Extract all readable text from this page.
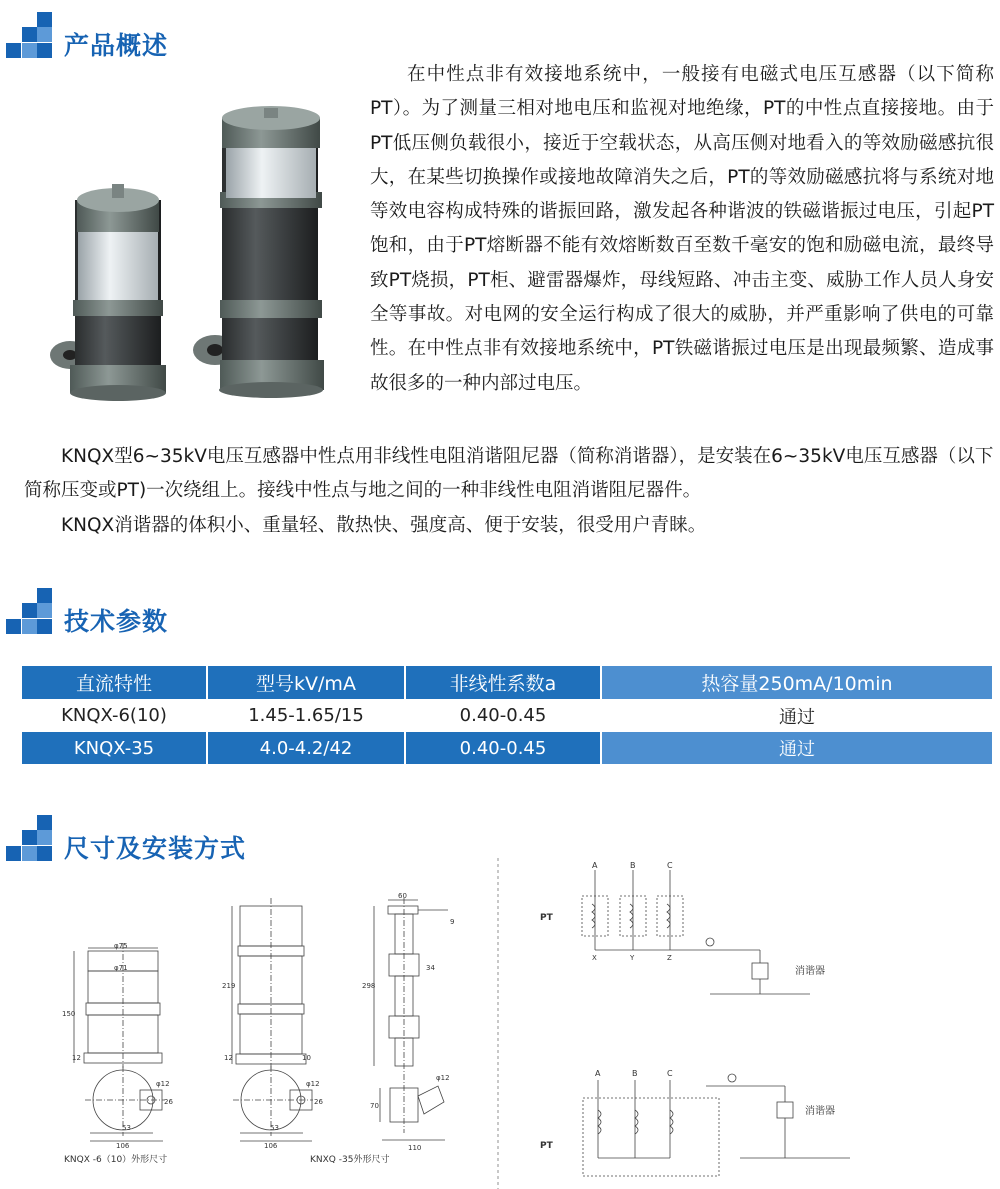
产品概述

在中性点非有效接地系统中，一般接有电磁式电压互感器（以下简称PT）。为了测量三相对地电压和监视对地绝缘，PT的中性点直接接地。由于PT低压侧负载很小，接近于空载状态，从高压侧对地看入的等效励磁感抗很大，在某些切换操作或接地故障消失之后，PT的等效励磁感抗将与系统对地等效电容构成特殊的谐振回路，激发起各种谐波的铁磁谐振过电压，引起PT饱和，由于PT熔断器不能有效熔断数百至数千毫安的饱和励磁电流，最终导致PT烧损，PT柜、避雷器爆炸，母线短路、冲击主变、威胁工作人员人身安全等事故。对电网的安全运行构成了很大的威胁，并严重影响了供电的可靠性。在中性点非有效接地系统中，PT铁磁谐振过电压是出现最频繁、造成事故很多的一种内部过电压。

KNQX型6~35kV电压互感器中性点用非线性电阻消谐阻尼器（简称消谐器），是安装在6~35kV电压互感器（以下简称压变或PT)一次绕组上。接线中性点与地之间的一种非线性电阻消谐阻尼器件。
KNQX消谐器的体积小、重量轻、散热快、强度高、便于安装，很受用户青睐。
技术参数
直流特性	型号kV/mA	非线性系数a	热容量250mA/10min
KNQX-6(10)	1.45-1.65/15	0.40-0.45	通过
KNQX-35	4.0-4.2/42	0.40-0.45	通过
尺寸及安装方式
KNQX -6（10）外形尺寸	KNXQ -35外形尺寸
φ75
φ71
150
12
φ12
26
53
106
219
12
φ12
26
53
106
10
60
9
34
298
70
φ12
110
A	B	C
X	Y	Z
PT
消谐器
A	B	C
PT
消谐器
